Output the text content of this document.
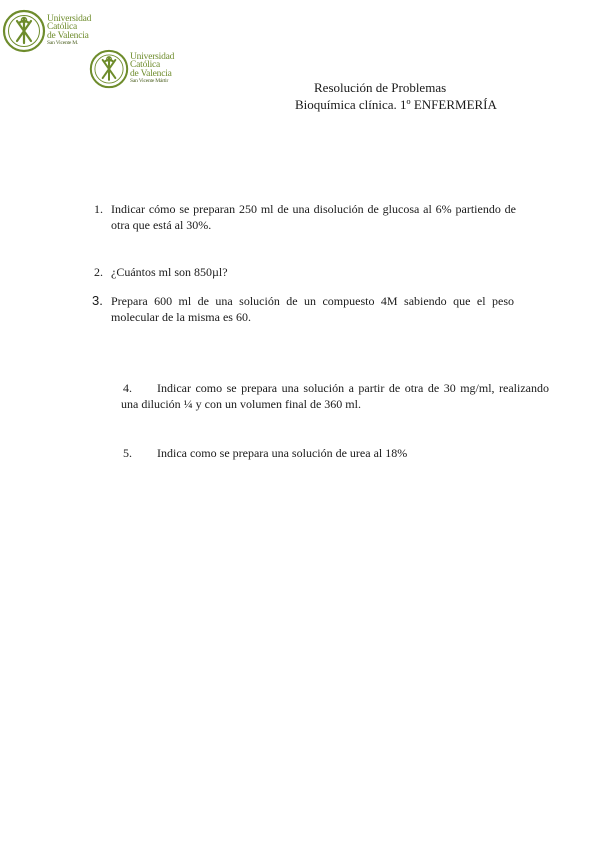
Universidad
Católica
de Valencia
San Vicente M.
Universidad
Católica
de Valencia
San Vicente Mártir	Resolución de Problemas
Bioquímica clínica. 1º ENFERMERÍA
1. Indicar cómo se preparan 250 ml de una disolución de glucosa al 6% partiendo de otra que está al 30%.
2. ¿Cuántos ml son 850µl?
3. Prepara 600 ml de una solución de un compuesto 4M sabiendo que el peso molecular de la misma es 60.
4.	Indicar como se prepara una solución a partir de otra de 30 mg/ml, realizando una dilución ¼ y con un volumen final de 360 ml.
5. Indica como se prepara una solución de urea al 18%
